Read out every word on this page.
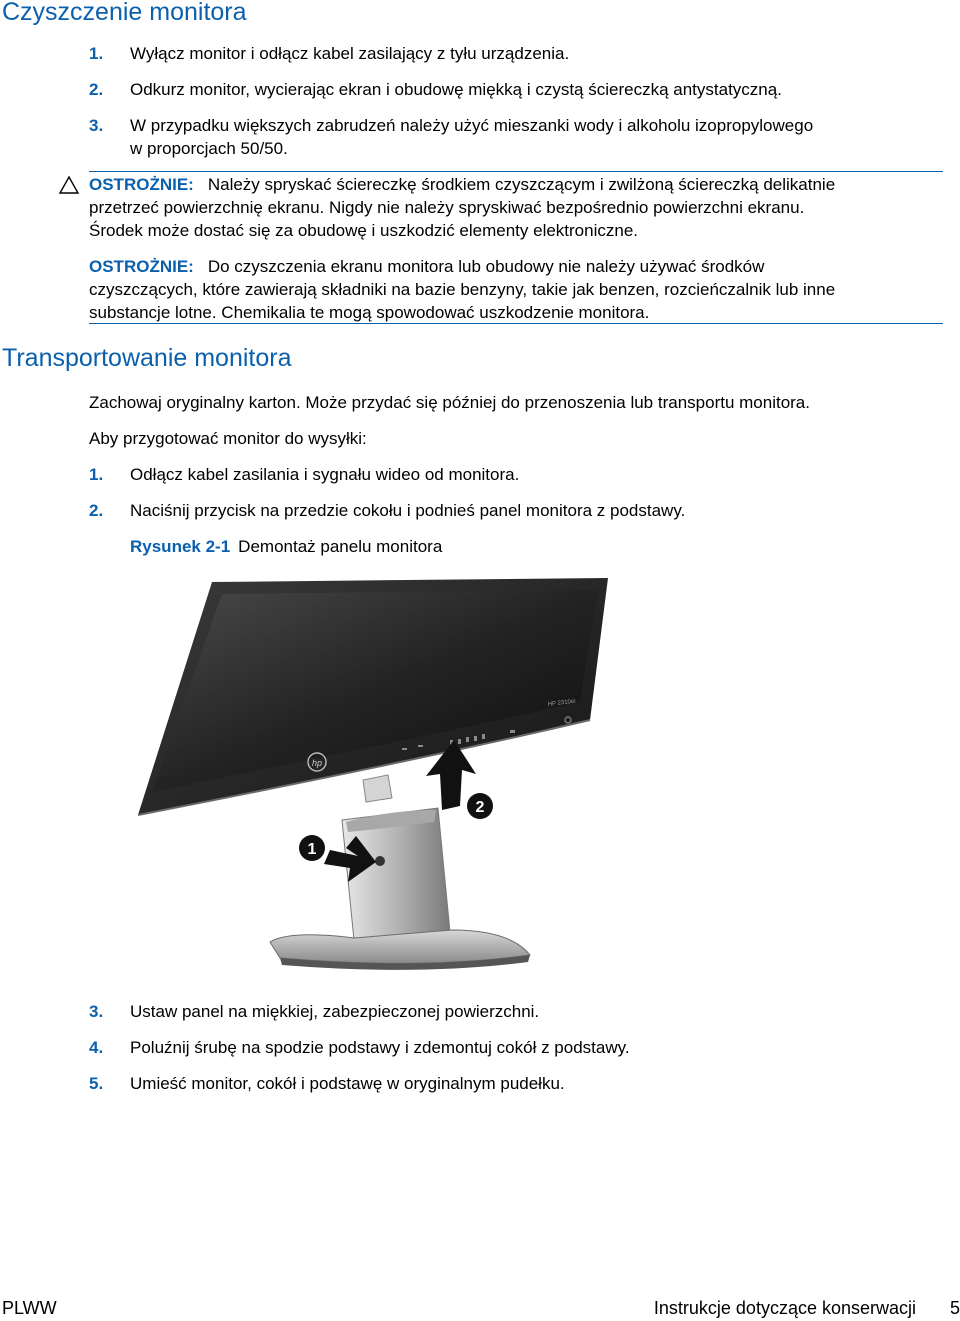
Czyszczenie monitora
1.	Wyłącz monitor i odłącz kabel zasilający z tyłu urządzenia.
2.	Odkurz monitor, wycierając ekran i obudowę miękką i czystą ściereczką antystatyczną.
3.	W przypadku większych zabrudzeń należy użyć mieszanki wody i alkoholu izopropylowego
w proporcjach 50/50.
OSTROŻNIE: Należy spryskać ściereczkę środkiem czyszczącym i zwilżoną ściereczką delikatnie
przetrzeć powierzchnię ekranu. Nigdy nie należy spryskiwać bezpośrednio powierzchni ekranu.
Środek może dostać się za obudowę i uszkodzić elementy elektroniczne.
OSTROŻNIE: Do czyszczenia ekranu monitora lub obudowy nie należy używać środków
czyszczących, które zawierają składniki na bazie benzyny, takie jak benzen, rozcieńczalnik lub inne
substancje lotne. Chemikalia te mogą spowodować uszkodzenie monitora.
Transportowanie monitora
Zachowaj oryginalny karton. Może przydać się później do przenoszenia lub transportu monitora.
Aby przygotować monitor do wysyłki:
1.	Odłącz kabel zasilania i sygnału wideo od monitora.
2.	Naciśnij przycisk na przedzie cokołu i podnieś panel monitora z podstawy.
Rysunek 2-1 Demontaż panelu monitora
hp
HP 2310ei
1
2
3.	Ustaw panel na miękkiej, zabezpieczonej powierzchni.
4.	Poluźnij śrubę na spodzie podstawy i zdemontuj cokół z podstawy.
5.	Umieść monitor, cokół i podstawę w oryginalnym pudełku.
PLWW	Instrukcje dotyczące konserwacji 5
